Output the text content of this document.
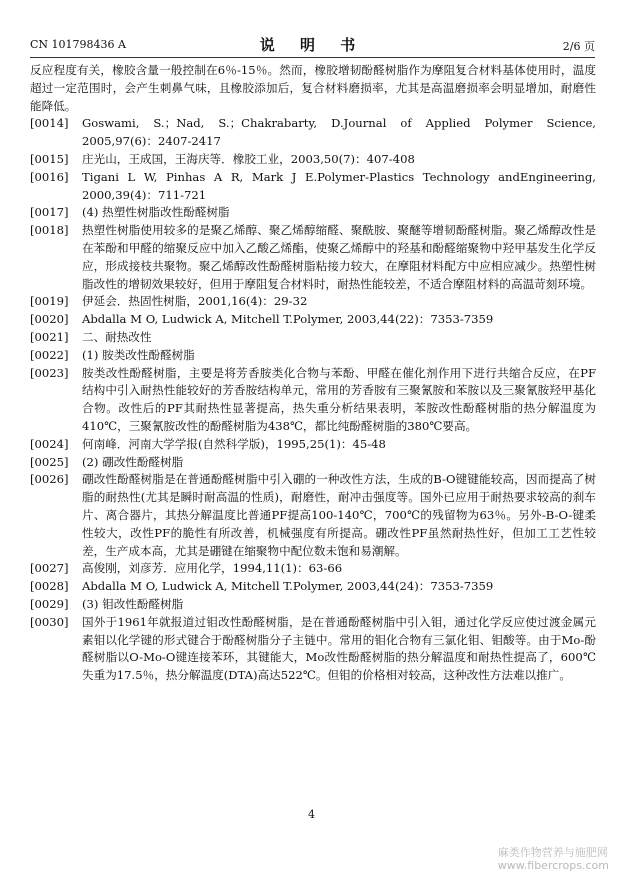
CN 101798436 A	说 明 书	2/6 页

反应程度有关，橡胶含量一般控制在6％-15％。然而，橡胶增韧酚醛树脂作为摩阻复合材料基体使用时，温度超过一定范围时，会产生刺鼻气味，且橡胶添加后，复合材料磨损率，尤其是高温磨损率会明显增加，耐磨性能降低。

[0014]	Goswami, S.；Nad, S.；Chakrabarty, D.Journal of Applied Polymer Science, 2005,97(6)：2407-2417

[0015]	庄光山，王成国，王海庆等．橡胶工业，2003,50(7)：407-408

[0016]	Tigani L W, Pinhas A R, Mark J E.Polymer-Plastics Technology andEngineering, 2000,39(4)：711-721

[0017]	(4) 热塑性树脂改性酚醛树脂

[0018]	热塑性树脂使用较多的是聚乙烯醇、聚乙烯醇缩醛、聚酰胺、聚醚等增韧酚醛树脂。聚乙烯醇改性是在苯酚和甲醛的缩聚反应中加入乙酸乙烯酯，使聚乙烯醇中的羟基和酚醛缩聚物中羟甲基发生化学反应，形成接枝共聚物。聚乙烯醇改性酚醛树脂粘接力较大，在摩阻材料配方中应相应减少。热塑性树脂改性的增韧效果较好，但用于摩阻复合材料时，耐热性能较差，不适合摩阻材料的高温苛刻环境。

[0019]	伊延会．热固性树脂，2001,16(4)：29-32

[0020]	Abdalla M O, Ludwick A, Mitchell T.Polymer, 2003,44(22)：7353-7359

[0021]	二、耐热改性

[0022]	(1) 胺类改性酚醛树脂

[0023]	胺类改性酚醛树脂，主要是将芳香胺类化合物与苯酚、甲醛在催化剂作用下进行共缩合反应，在PF结构中引入耐热性能较好的芳香胺结构单元，常用的芳香胺有三聚氰胺和苯胺以及三聚氰胺羟甲基化合物。改性后的PF其耐热性显著提高，热失重分析结果表明，苯胺改性酚醛树脂的热分解温度为410℃，三聚氰胺改性的酚醛树脂为438℃，都比纯酚醛树脂的380℃要高。

[0024]	何南峰．河南大学学报(自然科学版)，1995,25(1)：45-48

[0025]	(2) 硼改性酚醛树脂

[0026]	硼改性酚醛树脂是在普通酚醛树脂中引入硼的一种改性方法，生成的B-O键键能较高，因而提高了树脂的耐热性(尤其是瞬时耐高温的性质)，耐磨性，耐冲击强度等。国外已应用于耐热要求较高的刹车片、离合器片，其热分解温度比普通PF提高100-140℃，700℃的残留物为63％。另外-B-O-键柔性较大，改性PF的脆性有所改善，机械强度有所提高。硼改性PF虽然耐热性好，但加工工艺性较差，生产成本高，尤其是硼键在缩聚物中配位数未饱和易潮解。

[0027]	高俊刚，刘彦芳．应用化学，1994,11(1)：63-66

[0028]	Abdalla M O, Ludwick A, Mitchell T.Polymer, 2003,44(24)：7353-7359

[0029]	(3) 钼改性酚醛树脂

[0030]	国外于1961年就报道过钼改性酚醛树脂，是在普通酚醛树脂中引入钼，通过化学反应使过渡金属元素钼以化学键的形式键合于酚醛树脂分子主链中。常用的钼化合物有三氯化钼、钼酸等。由于Mo-酚醛树脂以O-Mo-O键连接苯环，其键能大，Mo改性酚醛树脂的热分解温度和耐热性提高了，600℃失重为17.5％，热分解温度(DTA)高达522℃。但钼的价格相对较高，这种改性方法难以推广。

4
麻类作物营养与施肥网
www.fibercrops.com
